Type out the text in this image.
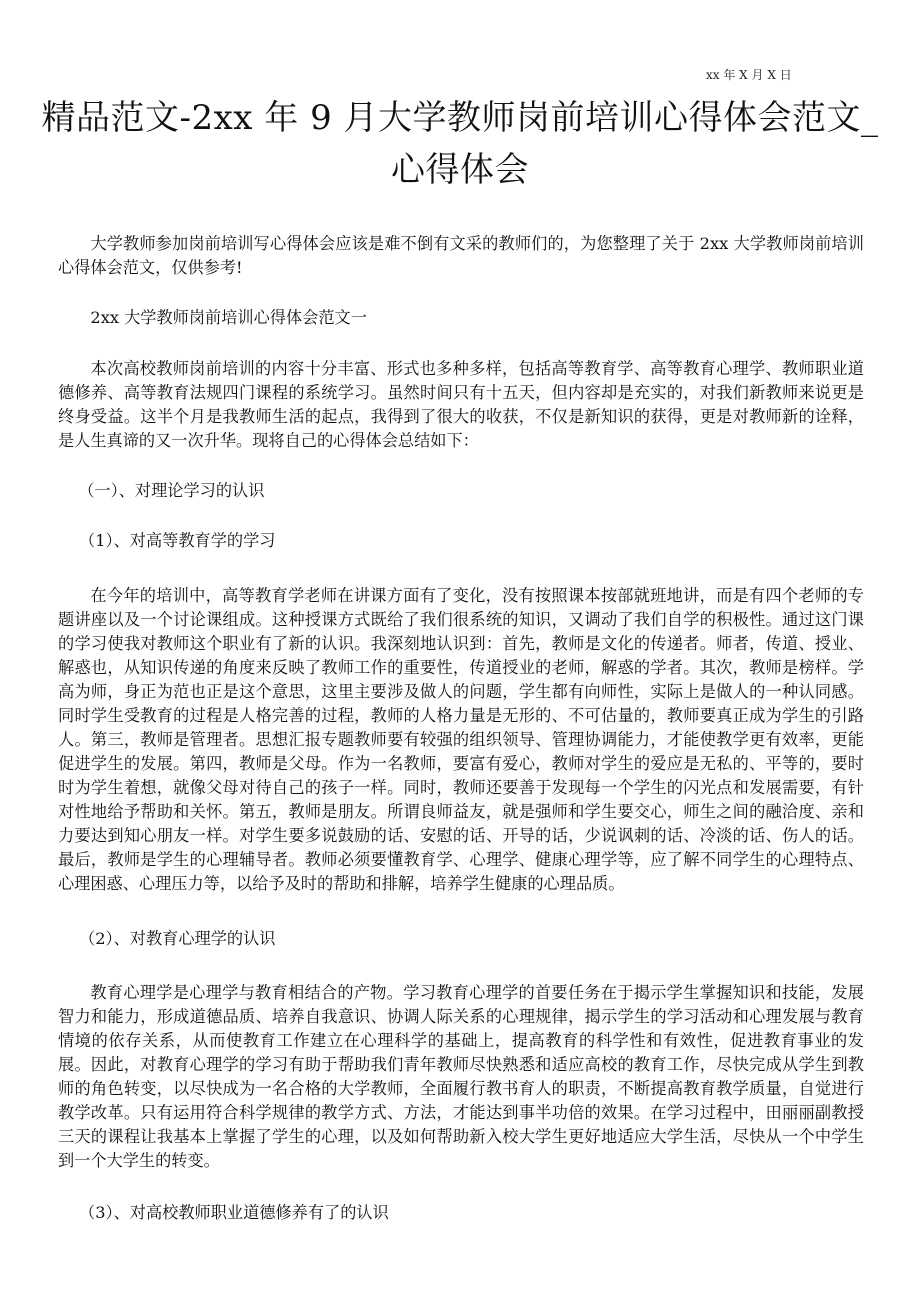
xx 年 X 月 X 日
精品范文-2xx 年 9 月大学教师岗前培训心得体会范文_心得体会

大学教师参加岗前培训写心得体会应该是难不倒有文采的教师们的，为您整理了关于 2xx 大学教师岗前培训心得体会范文，仅供参考!

2xx 大学教师岗前培训心得体会范文一

本次高校教师岗前培训的内容十分丰富、形式也多种多样，包括高等教育学、高等教育心理学、教师职业道德修养、高等教育法规四门课程的系统学习。虽然时间只有十五天，但内容却是充实的，对我们新教师来说更是终身受益。这半个月是我教师生活的起点，我得到了很大的收获，不仅是新知识的获得，更是对教师新的诠释，是人生真谛的又一次升华。现将自己的心得体会总结如下：

（一）、对理论学习的认识

（1）、对高等教育学的学习

在今年的培训中，高等教育学老师在讲课方面有了变化，没有按照课本按部就班地讲，而是有四个老师的专题讲座以及一个讨论课组成。这种授课方式既给了我们很系统的知识，又调动了我们自学的积极性。通过这门课的学习使我对教师这个职业有了新的认识。我深刻地认识到：首先，教师是文化的传递者。师者，传道、授业、解惑也，从知识传递的角度来反映了教师工作的重要性，传道授业的老师，解惑的学者。其次，教师是榜样。学高为师，身正为范也正是这个意思，这里主要涉及做人的问题，学生都有向师性，实际上是做人的一种认同感。同时学生受教育的过程是人格完善的过程，教师的人格力量是无形的、不可估量的，教师要真正成为学生的引路人。第三，教师是管理者。思想汇报专题教师要有较强的组织领导、管理协调能力，才能使教学更有效率，更能促进学生的发展。第四，教师是父母。作为一名教师，要富有爱心，教师对学生的爱应是无私的、平等的，要时时为学生着想，就像父母对待自己的孩子一样。同时，教师还要善于发现每一个学生的闪光点和发展需要，有针对性地给予帮助和关怀。第五，教师是朋友。所谓良师益友，就是强师和学生要交心，师生之间的融洽度、亲和力要达到知心朋友一样。对学生要多说鼓励的话、安慰的话、开导的话，少说讽刺的话、冷淡的话、伤人的话。最后，教师是学生的心理辅导者。教师必须要懂教育学、心理学、健康心理学等，应了解不同学生的心理特点、心理困惑、心理压力等，以给予及时的帮助和排解，培养学生健康的心理品质。

（2）、对教育心理学的认识

教育心理学是心理学与教育相结合的产物。学习教育心理学的首要任务在于揭示学生掌握知识和技能，发展智力和能力，形成道德品质、培养自我意识、协调人际关系的心理规律，揭示学生的学习活动和心理发展与教育情境的依存关系，从而使教育工作建立在心理科学的基础上，提高教育的科学性和有效性，促进教育事业的发展。因此，对教育心理学的学习有助于帮助我们青年教师尽快熟悉和适应高校的教育工作，尽快完成从学生到教师的角色转变，以尽快成为一名合格的大学教师，全面履行教书育人的职责，不断提高教育教学质量，自觉进行教学改革。只有运用符合科学规律的教学方式、方法，才能达到事半功倍的效果。在学习过程中，田丽丽副教授三天的课程让我基本上掌握了学生的心理，以及如何帮助新入校大学生更好地适应大学生活，尽快从一个中学生到一个大学生的转变。

（3）、对高校教师职业道德修养有了的认识
